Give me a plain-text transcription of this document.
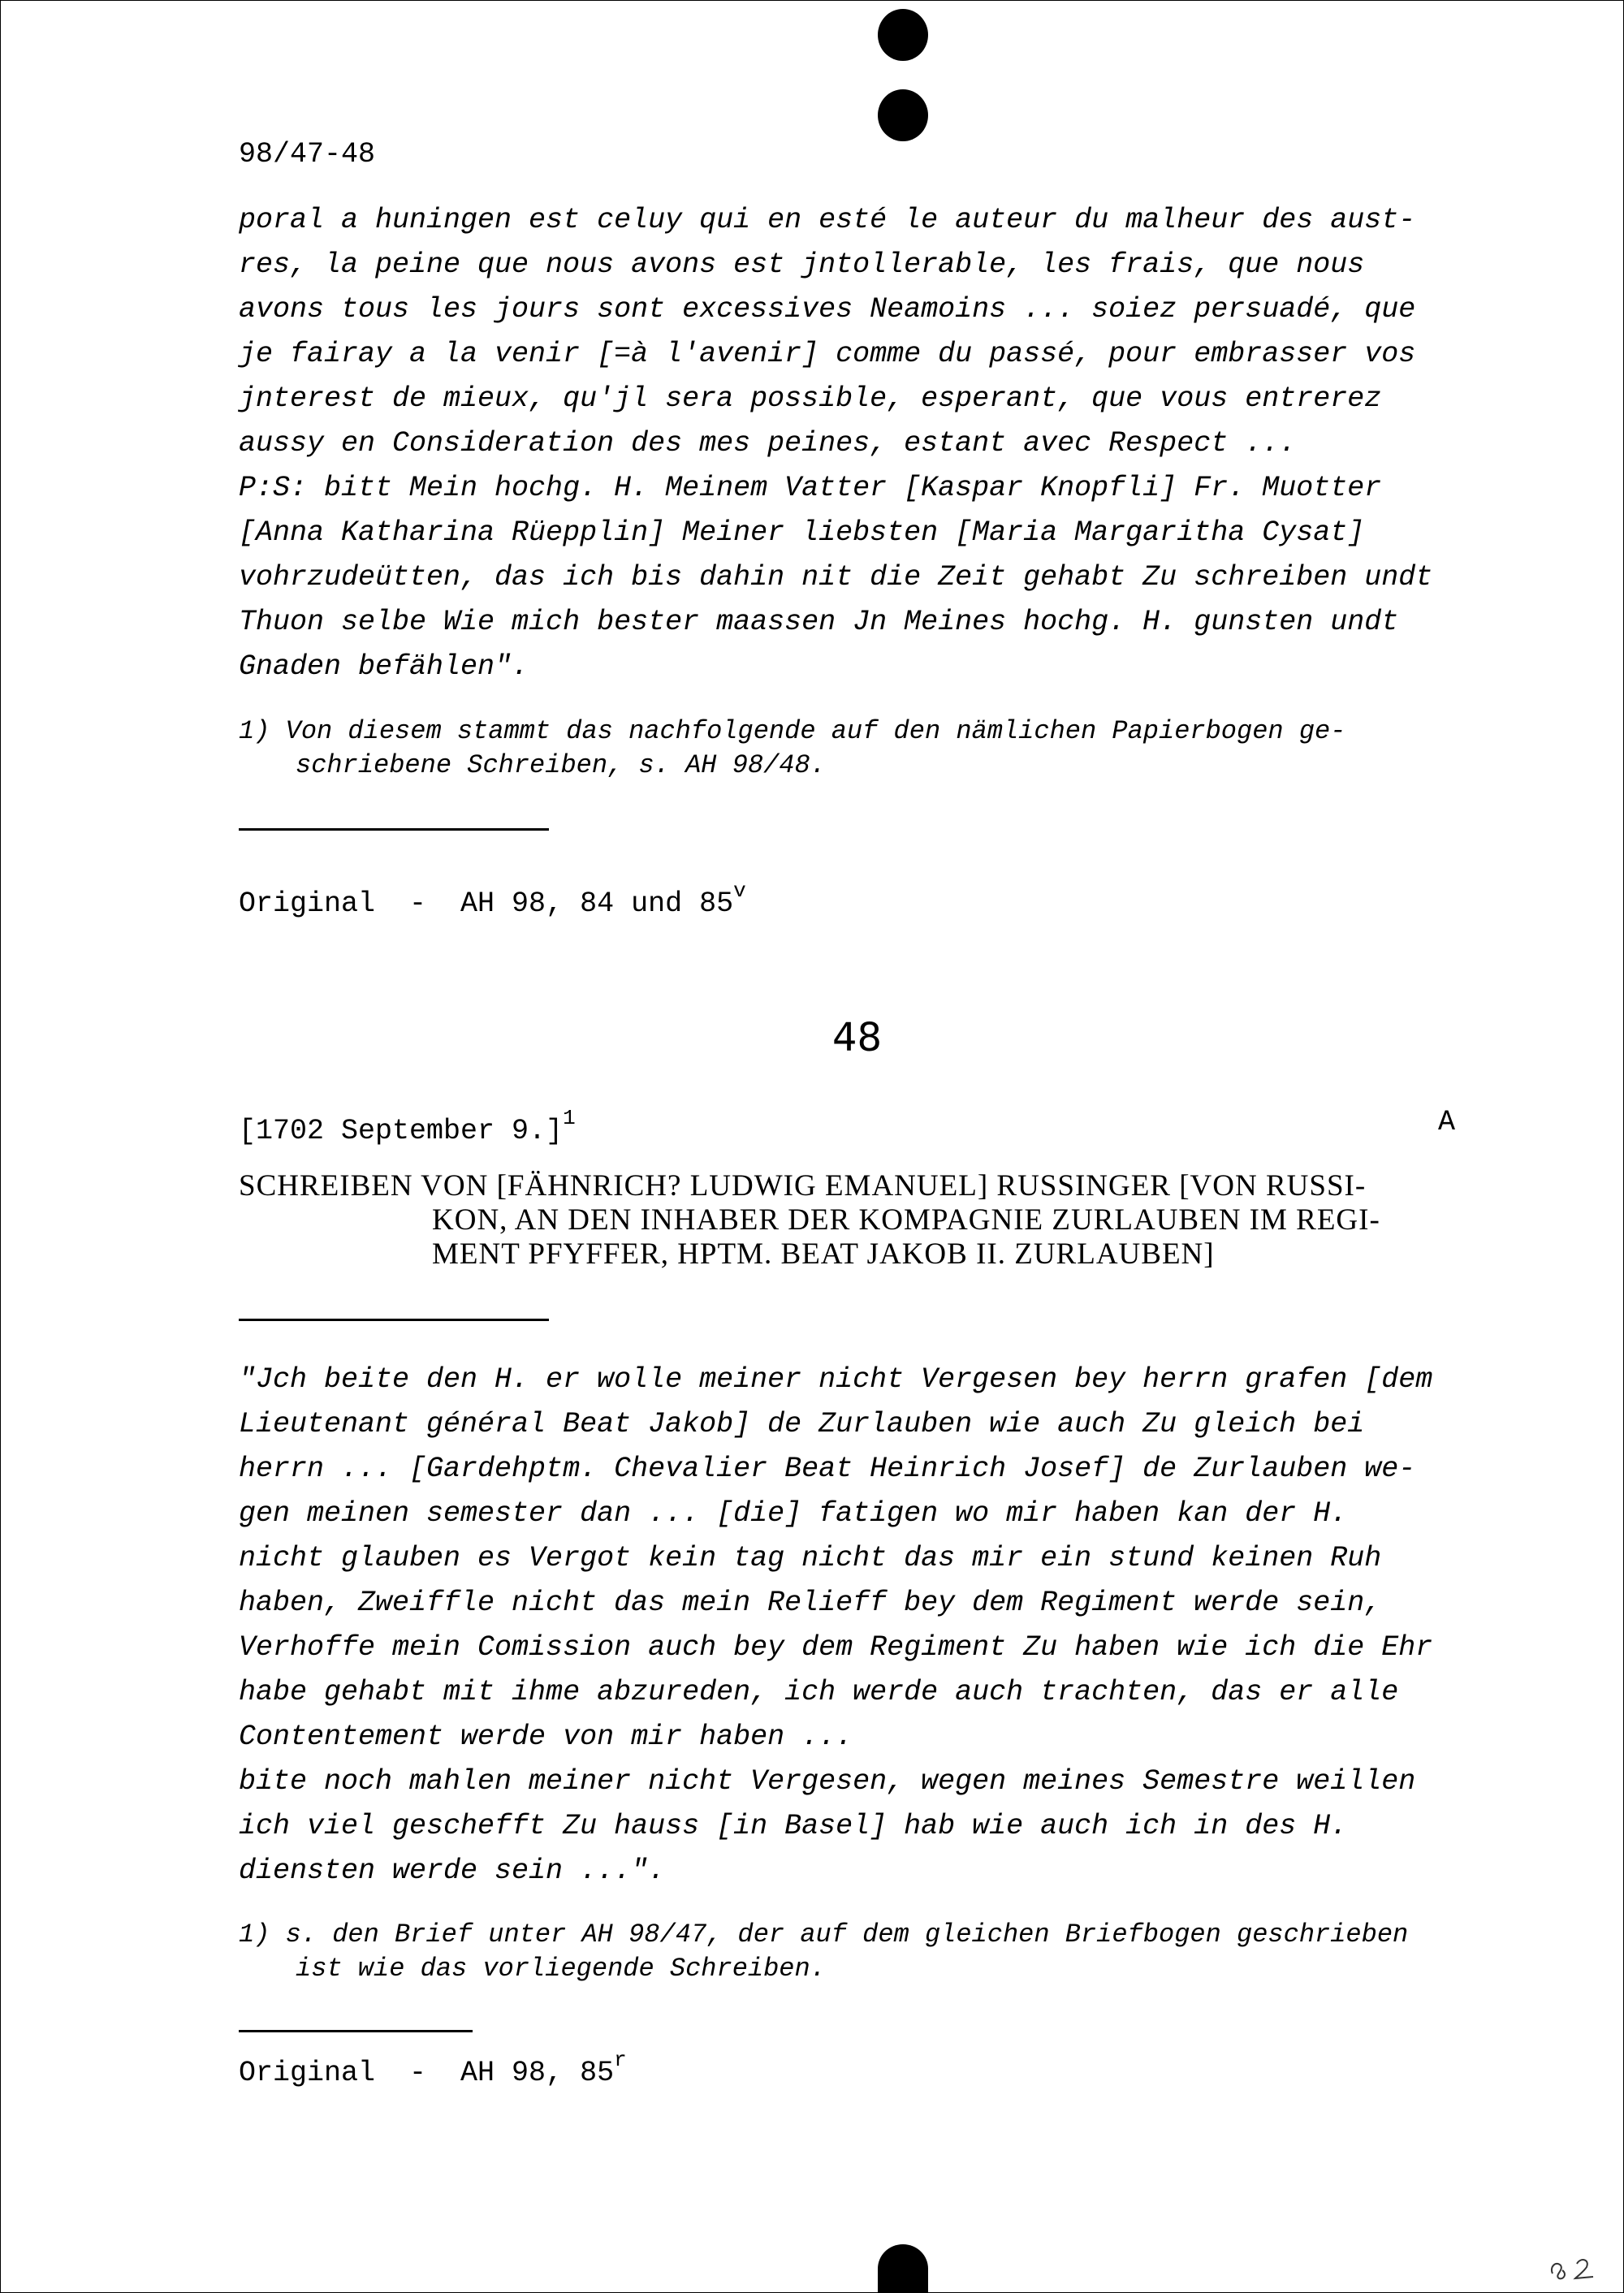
98/47-48
poral a huningen est celuy qui en esté le auteur du malheur des aust-
res, la peine que nous avons est jntollerable, les frais, que nous
avons tous les jours sont excessives Neamoins ... soiez persuadé, que
je fairay a la venir [=à l'avenir] comme du passé, pour embrasser vos
jnterest de mieux, qu'jl sera possible, esperant, que vous entrerez
aussy en Consideration des mes peines, estant avec Respect ...
P:S: bitt Mein hochg. H. Meinem Vatter [Kaspar Knopfli] Fr. Muotter
[Anna Katharina Rüepplin] Meiner liebsten [Maria Margaritha Cysat]
vohrzudeütten, das ich bis dahin nit die Zeit gehabt Zu schreiben undt
Thuon selbe Wie mich bester maassen Jn Meines hochg. H. gunsten undt
Gnaden befählen".
1) Von diesem stammt das nachfolgende auf den nämlichen Papierbogen ge-
schriebene Schreiben, s. AH 98/48.
Original  -  AH 98, 84 und 85$^v$
48
[1702 September 9.]$^1$	A
SCHREIBEN VON [FÄHNRICH? LUDWIG EMANUEL] RUSSINGER [VON RUSSI-
KON, AN DEN INHABER DER KOMPAGNIE ZURLAUBEN IM REGI-
MENT PFYFFER, HPTM. BEAT JAKOB II. ZURLAUBEN]
"Jch beite den H. er wolle meiner nicht Vergesen bey herrn grafen [dem
Lieutenant général Beat Jakob] de Zurlauben wie auch Zu gleich bei
herrn ... [Gardehptm. Chevalier Beat Heinrich Josef] de Zurlauben we-
gen meinen semester dan ... [die] fatigen wo mir haben kan der H.
nicht glauben es Vergot kein tag nicht das mir ein stund keinen Ruh
haben, Zweiffle nicht das mein Relieff bey dem Regiment werde sein,
Verhoffe mein Comission auch bey dem Regiment Zu haben wie ich die Ehr
habe gehabt mit ihme abzureden, ich werde auch trachten, das er alle
Contentement werde von mir haben ...
bite noch mahlen meiner nicht Vergesen, wegen meines Semestre weillen
ich viel geschefft Zu hauss [in Basel] hab wie auch ich in des H.
diensten werde sein ...".
1) s. den Brief unter AH 98/47, der auf dem gleichen Briefbogen geschrieben
ist wie das vorliegende Schreiben.
Original  -  AH 98, 85$^r$
